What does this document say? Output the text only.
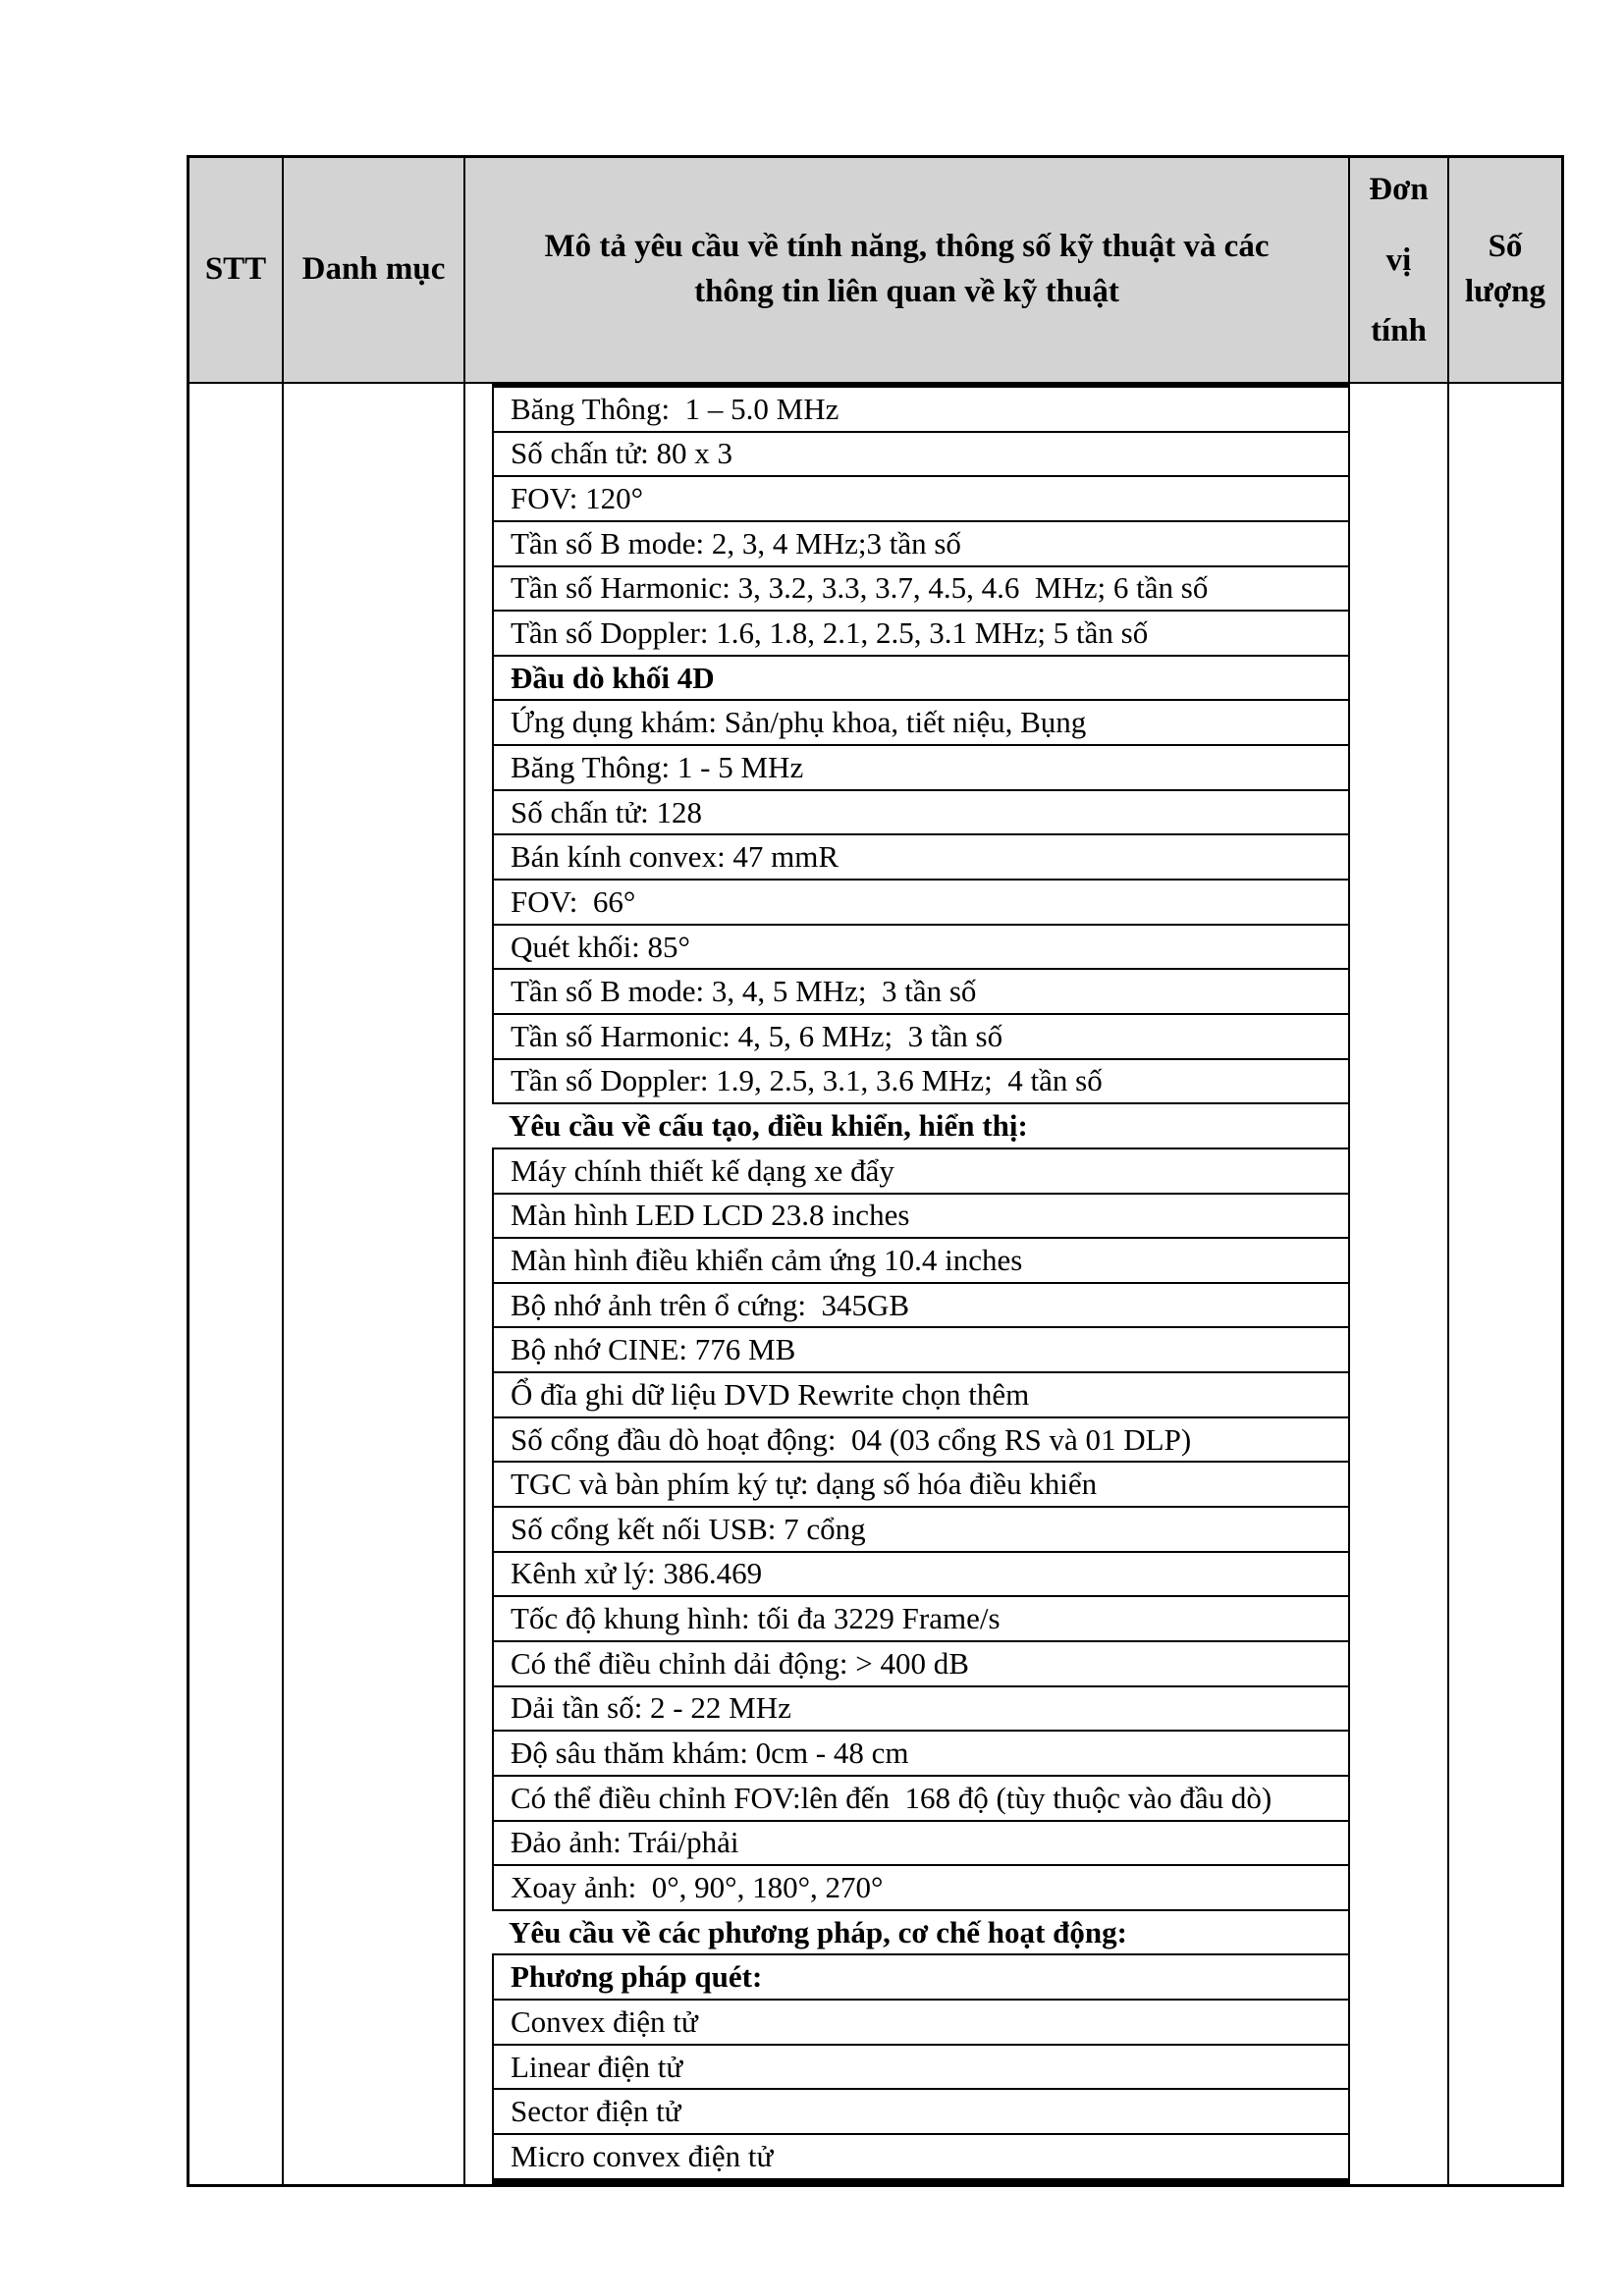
STT	Danh mục
Mô tả yêu cầu về tính năng, thông số kỹ thuật và các thông tin liên quan về kỹ thuật
Đơn
vị
tính
Số lượng
Băng Thông:  1 – 5.0 MHz
Số chấn tử: 80 x 3
FOV: 120°
Tần số B mode: 2, 3, 4 MHz;3 tần số
Tần số Harmonic: 3, 3.2, 3.3, 3.7, 4.5, 4.6  MHz; 6 tần số
Tần số Doppler: 1.6, 1.8, 2.1, 2.5, 3.1 MHz; 5 tần số
Đầu dò khối 4D
Ứng dụng khám: Sản/phụ khoa, tiết niệu, Bụng
Băng Thông: 1 - 5 MHz
Số chấn tử: 128
Bán kính convex: 47 mmR
FOV:  66°
Quét khối: 85°
Tần số B mode: 3, 4, 5 MHz;  3 tần số
Tần số Harmonic: 4, 5, 6 MHz;  3 tần số
Tần số Doppler: 1.9, 2.5, 3.1, 3.6 MHz;  4 tần số
Yêu cầu về cấu tạo, điều khiển, hiển thị:
Máy chính thiết kế dạng xe đẩy
Màn hình LED LCD 23.8 inches
Màn hình điều khiển cảm ứng 10.4 inches
Bộ nhớ ảnh trên ổ cứng:  345GB
Bộ nhớ CINE: 776 MB
Ổ đĩa ghi dữ liệu DVD Rewrite chọn thêm
Số cổng đầu dò hoạt động:  04 (03 cổng RS và 01 DLP)
TGC và bàn phím ký tự: dạng số hóa điều khiển
Số cổng kết nối USB: 7 cổng
Kênh xử lý: 386.469
Tốc độ khung hình: tối đa 3229 Frame/s
Có thể điều chỉnh dải động: > 400 dB
Dải tần số: 2 - 22 MHz
Độ sâu thăm khám: 0cm - 48 cm
Có thể điều chỉnh FOV:lên đến  168 độ (tùy thuộc vào đầu dò)
Đảo ảnh: Trái/phải
Xoay ảnh:  0°, 90°, 180°, 270°
Yêu cầu về các phương pháp, cơ chế hoạt động:
Phương pháp quét:
Convex điện tử
Linear điện tử
Sector điện tử
Micro convex điện tử
